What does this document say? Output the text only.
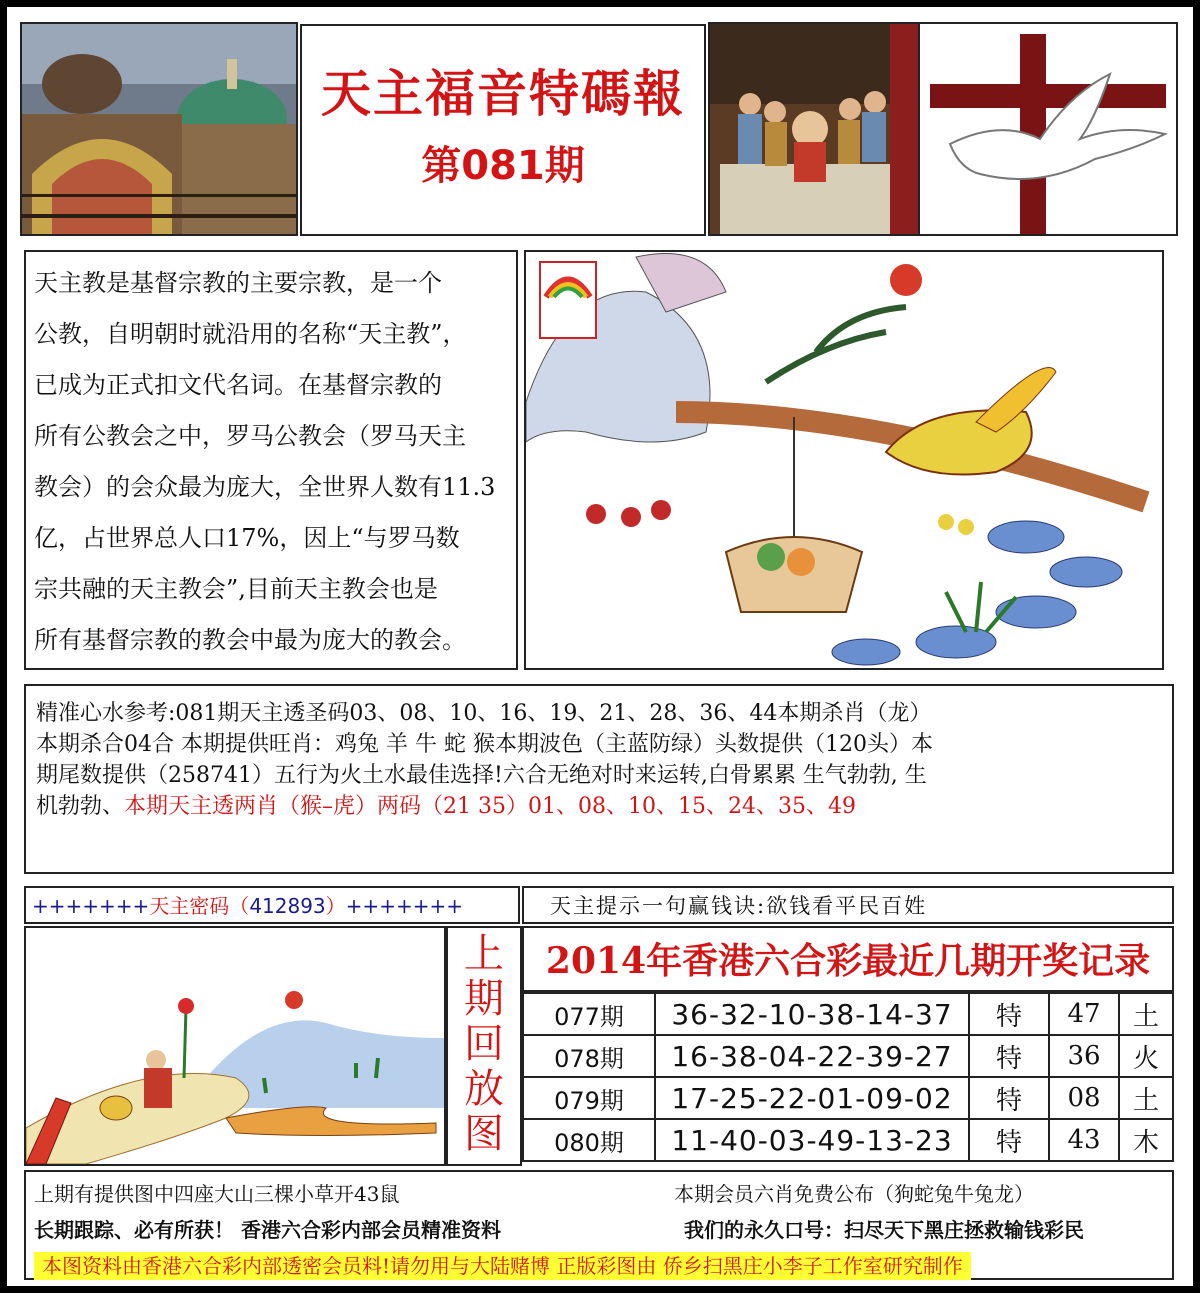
天主福音特碼報
第081期
天主教是基督宗教的主要宗教，是一个
公教，自明朝时就沿用的名称“天主教”，
已成为正式扣文代名词。在基督宗教的
所有公教会之中，罗马公教会（罗马天主
教会）的会众最为庞大，全世界人数有11.3
亿，占世界总人口17%，因上“与罗马数
宗共融的天主教会”,目前天主教会也是
所有基督宗教的教会中最为庞大的教会。
精准心水参考:081期天主透圣码03、08、10、16、19、21、28、36、44本期杀肖（龙）
本期杀合04合 本期提供旺肖：鸡兔 羊 牛 蛇 猴本期波色（主蓝防绿）头数提供（120头）本
期尾数提供（258741）五行为火土水最佳选择!六合无绝对时来运转,白骨累累 生气勃勃, 生
机勃勃、本期天主透两肖（猴–虎）两码（21 35）01、08、10、15、24、35、49
+++++++天主密码（412893）+++++++	天主提示一句赢钱诀:欲钱看平民百姓
上
期
回
放
图
2014年香港六合彩最近几期开奖记录
077期	36-32-10-38-14-37	特	47	土
078期	16-38-04-22-39-27	特	36	火
079期	17-25-22-01-09-02	特	08	土
080期	11-40-03-49-13-23	特	43	木
上期有提供图中四座大山三棵小草开43鼠	本期会员六肖免费公布（狗蛇兔牛兔龙）
长期跟踪、必有所获！ 香港六合彩内部会员精准资料	我们的永久口号：扫尽天下黑庄拯救输钱彩民
本图资料由香港六合彩内部透密会员料!请勿用与大陆赌博 正版彩图由 侨乡扫黑庄小李子工作室研究制作
